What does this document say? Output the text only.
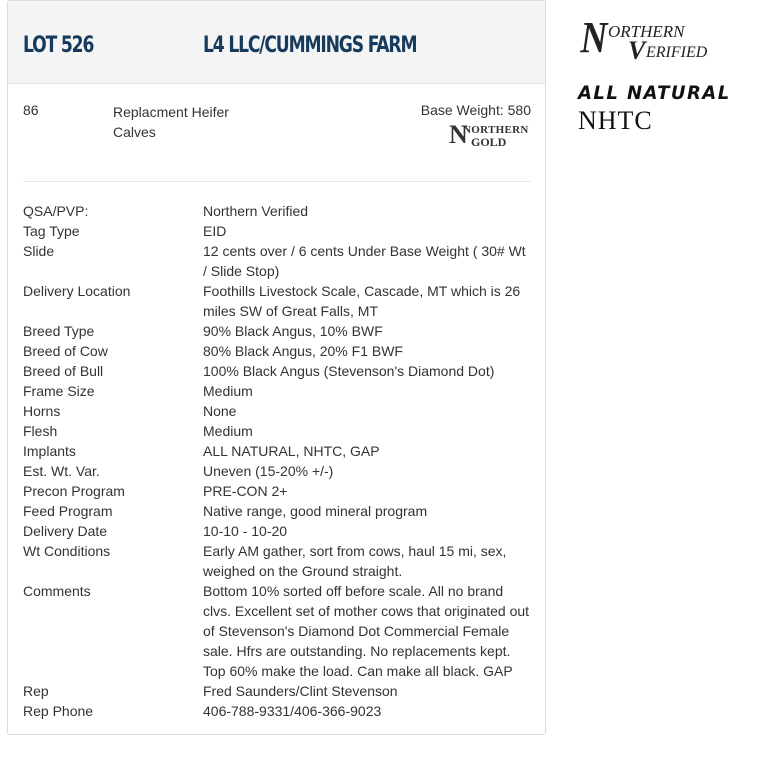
LOT 526	L4 LLC/CUMMINGS FARM
86	Replacment Heifer Calves
Base Weight: 580
N
NORTHERN
GOLD
QSA/PVP:	Northern Verified
Tag Type	EID
Slide	12 cents over / 6 cents Under Base Weight ( 30# Wt / Slide Stop)
Delivery Location	Foothills Livestock Scale, Cascade, MT which is 26 miles SW of Great Falls, MT
Breed Type	90% Black Angus, 10% BWF
Breed of Cow	80% Black Angus, 20% F1 BWF
Breed of Bull	100% Black Angus (Stevenson's Diamond Dot)
Frame Size	Medium
Horns	None
Flesh	Medium
Implants	ALL NATURAL, NHTC, GAP
Est. Wt. Var.	Uneven (15-20% +/-)
Precon Program	PRE-CON 2+
Feed Program	Native range, good mineral program
Delivery Date	10-10 - 10-20
Wt Conditions	Early AM gather, sort from cows, haul 15 mi, sex, weighed on the Ground straight.
Comments	Bottom 10% sorted off before scale. All no brand clvs. Excellent set of mother cows that originated out of Stevenson's Diamond Dot Commercial Female sale. Hfrs are outstanding. No replacements kept. Top 60% make the load. Can make all black. GAP
Rep	Fred Saunders/Clint Stevenson
Rep Phone	406-788-9331/406-366-9023
N ORTHERN
V ERIFIED
ALL NATURAL
NHTC
